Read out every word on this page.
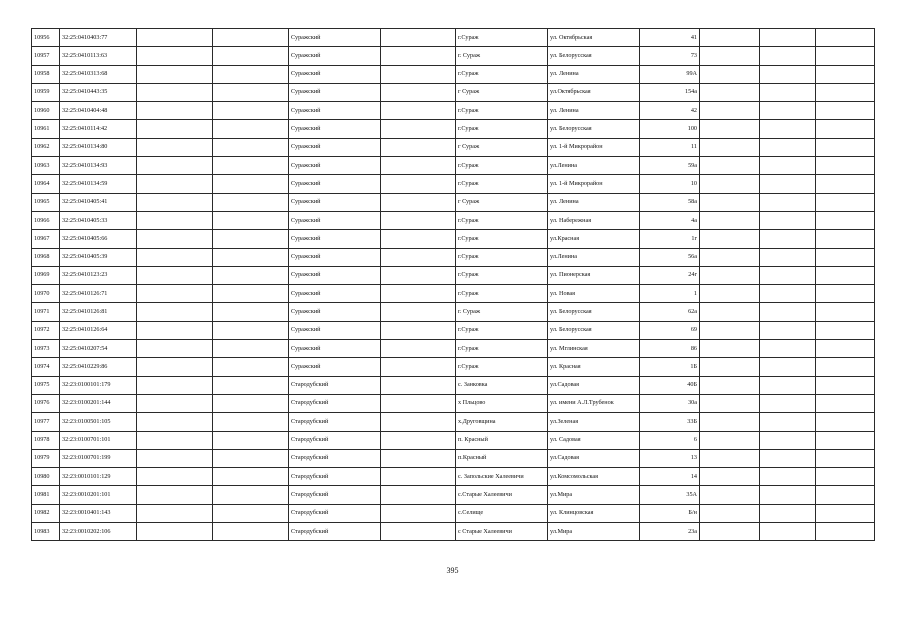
10956	32:25:0410403:77			Суражский		г.Сураж	ул. Октябрьская	41			
10957	32:25:0410113:63			Суражский		г. Сураж	ул. Белорусская	73			
10958	32:25:0410313:68			Суражский		г.Сураж	ул. Ленина	99А			
10959	32:25:0410443:35			Суражский		г Сураж	ул.Октябрьская	154а			
10960	32:25:0410404:48			Суражский		г.Сураж	ул. Ленина	42			
10961	32:25:0410114:42			Суражский		г.Сураж	ул. Белорусская	100			
10962	32:25:0410134:80			Суражский		г Сураж	ул. 1-й Микрорайон	11			
10963	32:25:0410134:93			Суражский		г.Сураж	ул.Ленина	59а			
10964	32:25:0410134:59			Суражский		г.Сураж	ул. 1-й Микрорайон	10			
10965	32:25:0410405:41			Суражский		г Сураж	ул. Ленина	58а			
10966	32:25:0410405:33			Суражский		г.Сураж	ул. Набережная	4а			
10967	32:25:0410405:66			Суражский		г.Сураж	ул.Красная	1г			
10968	32:25:0410405:39			Суражский		г.Сураж	ул.Ленина	56а			
10969	32:25:0410123:23			Суражский		г.Сураж	ул. Пионерская	24г			
10970	32:25:0410126:71			Суражский		г.Сураж	ул. Новая	1			
10971	32:25:0410126:81			Суражский		г. Сураж	ул. Белорусская	62а			
10972	32:25:0410126:64			Суражский		г.Сураж	ул. Белорусская	69			
10973	32:25:0410207:54			Суражский		г.Сураж	ул. Мглинская	86			
10974	32:25:0410229:86			Суражский		г.Сураж	ул. Красная	1Б			
10975	32:23:0100101:179			Стародубский		с. Занковка	ул.Садовая	40Б			
10976	32:23:0100201:144			Стародубский		х Пльцово	ул. имени А.Л.Трубенок	30а			
10977	32:23:0100501:105			Стародубский		х.Друговщина	ул.Зеленая	33Б			
10978	32:23:0100701:101			Стародубский		п. Красный	ул. Садовая	6			
10979	32:23:0100701:199			Стародубский		п.Красный	ул.Садовая	13			
10980	32:23:0010101:129			Стародубский		с. Запольские Халеевичи	ул.Комсомольская	14			
10981	32:23:0010201:101			Стародубский		с.Старые Халеевичи	ул.Мира	35А			
10982	32:23:0010401:143			Стародубский		с.Селище	ул. Клинцовская	Б/н			
10983	32:23:0010202:106			Стародубский		с Старые Халеевичи	ул.Мира	23а			
395
